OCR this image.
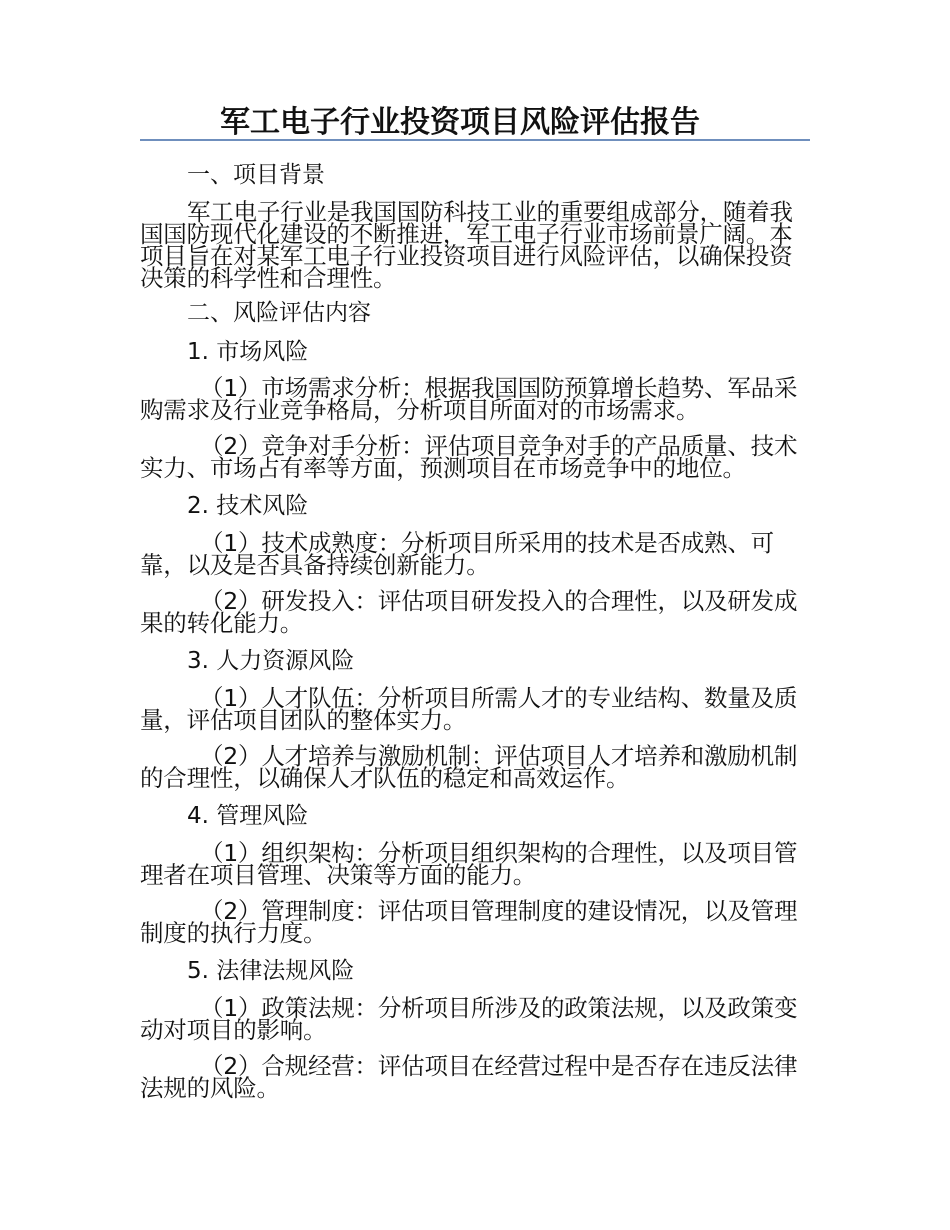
军工电子行业投资项目风险评估报告

一、项目背景

军工电子行业是我国国防科技工业的重要组成部分，随着我国国防现代化建设的不断推进，军工电子行业市场前景广阔。本项目旨在对某军工电子行业投资项目进行风险评估，以确保投资决策的科学性和合理性。

二、风险评估内容

1. 市场风险

（1）市场需求分析：根据我国国防预算增长趋势、军品采购需求及行业竞争格局，分析项目所面对的市场需求。

（2）竞争对手分析：评估项目竞争对手的产品质量、技术实力、市场占有率等方面，预测项目在市场竞争中的地位。

2. 技术风险

（1）技术成熟度：分析项目所采用的技术是否成熟、可靠，以及是否具备持续创新能力。

（2）研发投入：评估项目研发投入的合理性，以及研发成果的转化能力。

3. 人力资源风险

（1）人才队伍：分析项目所需人才的专业结构、数量及质量，评估项目团队的整体实力。

（2）人才培养与激励机制：评估项目人才培养和激励机制的合理性，以确保人才队伍的稳定和高效运作。

4. 管理风险

（1）组织架构：分析项目组织架构的合理性，以及项目管理者在项目管理、决策等方面的能力。

（2）管理制度：评估项目管理制度的建设情况，以及管理制度的执行力度。

5. 法律法规风险

（1）政策法规：分析项目所涉及的政策法规，以及政策变动对项目的影响。

（2）合规经营：评估项目在经营过程中是否存在违反法律法规的风险。
